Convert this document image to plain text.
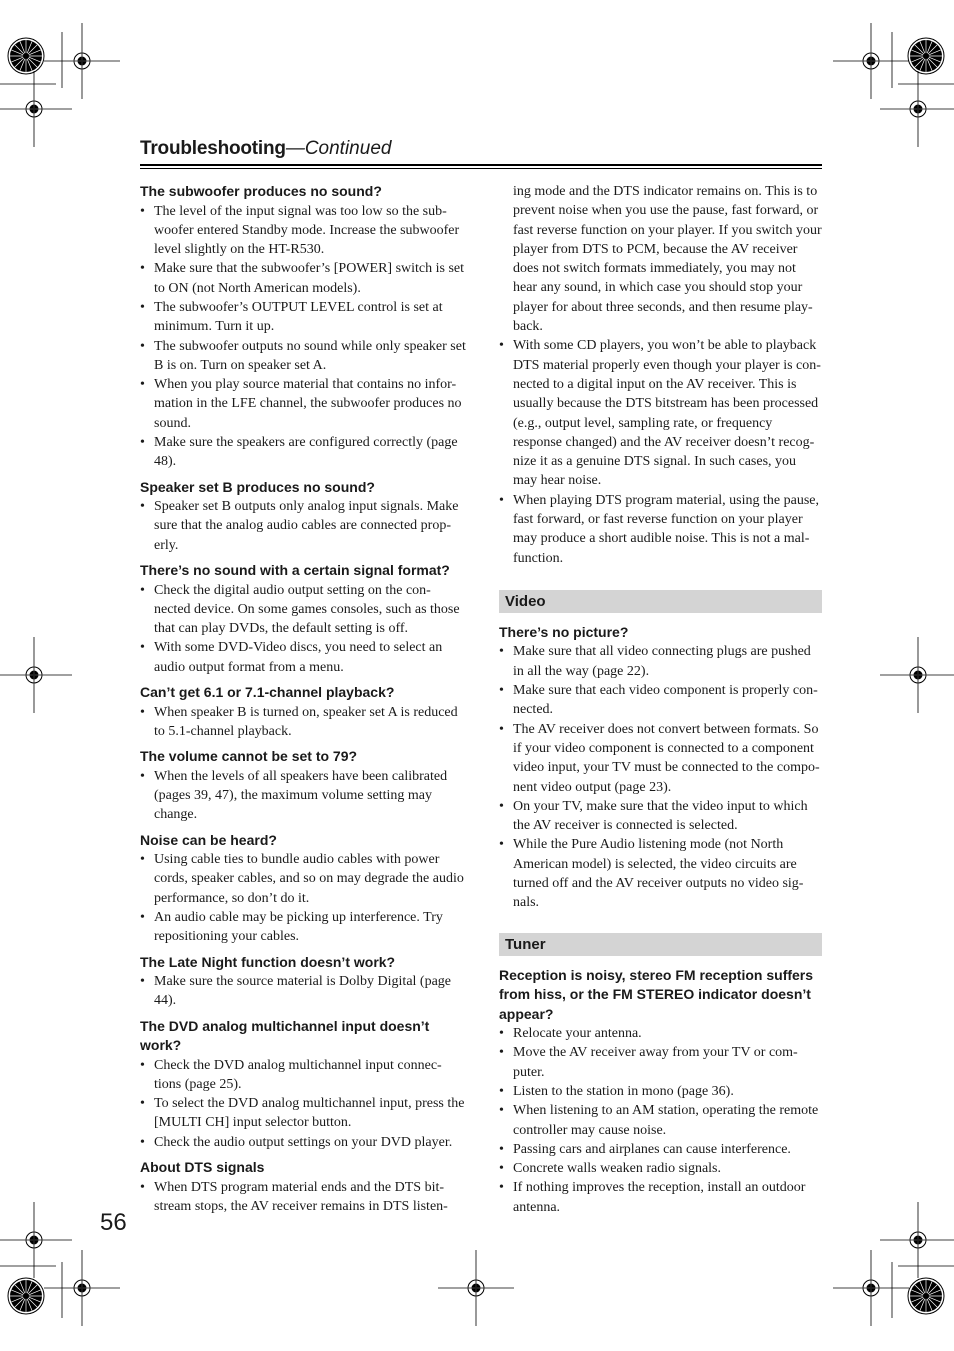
Troubleshooting—Continued
The subwoofer produces no sound?
• The level of the input signal was too low so the sub-woofer entered Standby mode. Increase the subwoofer level slightly on the HT-R530.
• Make sure that the subwoofer’s [POWER] switch is set to ON (not North American models).
• The subwoofer’s OUTPUT LEVEL control is set at minimum. Turn it up.
• The subwoofer outputs no sound while only speaker set B is on. Turn on speaker set A.
• When you play source material that contains no infor-mation in the LFE channel, the subwoofer produces no sound.
• Make sure the speakers are configured correctly (page 48).
Speaker set B produces no sound?
• Speaker set B outputs only analog input signals. Make sure that the analog audio cables are connected prop-erly.
There’s no sound with a certain signal format?
• Check the digital audio output setting on the con-nected device. On some games consoles, such as those that can play DVDs, the default setting is off.
• With some DVD-Video discs, you need to select an audio output format from a menu.
Can’t get 6.1 or 7.1-channel playback?
• When speaker B is turned on, speaker set A is reduced to 5.1-channel playback.
The volume cannot be set to 79?
• When the levels of all speakers have been calibrated (pages 39, 47), the maximum volume setting may change.
Noise can be heard?
• Using cable ties to bundle audio cables with power cords, speaker cables, and so on may degrade the audio performance, so don’t do it.
• An audio cable may be picking up interference. Try repositioning your cables.
The Late Night function doesn’t work?
• Make sure the source material is Dolby Digital (page 44).
The DVD analog multichannel input doesn’t work?
• Check the DVD analog multichannel input connec-tions (page 25).
• To select the DVD analog multichannel input, press the [MULTI CH] input selector button.
• Check the audio output settings on your DVD player.
About DTS signals
• When DTS program material ends and the DTS bit-stream stops, the AV receiver remains in DTS listen-
ing mode and the DTS indicator remains on. This is to prevent noise when you use the pause, fast forward, or fast reverse function on your player. If you switch your player from DTS to PCM, because the AV receiver does not switch formats immediately, you may not hear any sound, in which case you should stop your player for about three seconds, and then resume play-back.
• With some CD players, you won’t be able to playback DTS material properly even though your player is con-nected to a digital input on the AV receiver. This is usually because the DTS bitstream has been processed (e.g., output level, sampling rate, or frequency response changed) and the AV receiver doesn’t recog-nize it as a genuine DTS signal. In such cases, you may hear noise.
• When playing DTS program material, using the pause, fast forward, or fast reverse function on your player may produce a short audible noise. This is not a mal-function.
Video
There’s no picture?
• Make sure that all video connecting plugs are pushed in all the way (page 22).
• Make sure that each video component is properly con-nected.
• The AV receiver does not convert between formats. So if your video component is connected to a component video input, your TV must be connected to the compo-nent video output (page 23).
• On your TV, make sure that the video input to which the AV receiver is connected is selected.
• While the Pure Audio listening mode (not North American model) is selected, the video circuits are turned off and the AV receiver outputs no video sig-nals.
Tuner
Reception is noisy, stereo FM reception suffers from hiss, or the FM STEREO indicator doesn’t appear?
• Relocate your antenna.
• Move the AV receiver away from your TV or com-puter.
• Listen to the station in mono (page 36).
• When listening to an AM station, operating the remote controller may cause noise.
• Passing cars and airplanes can cause interference.
• Concrete walls weaken radio signals.
• If nothing improves the reception, install an outdoor antenna.
56
